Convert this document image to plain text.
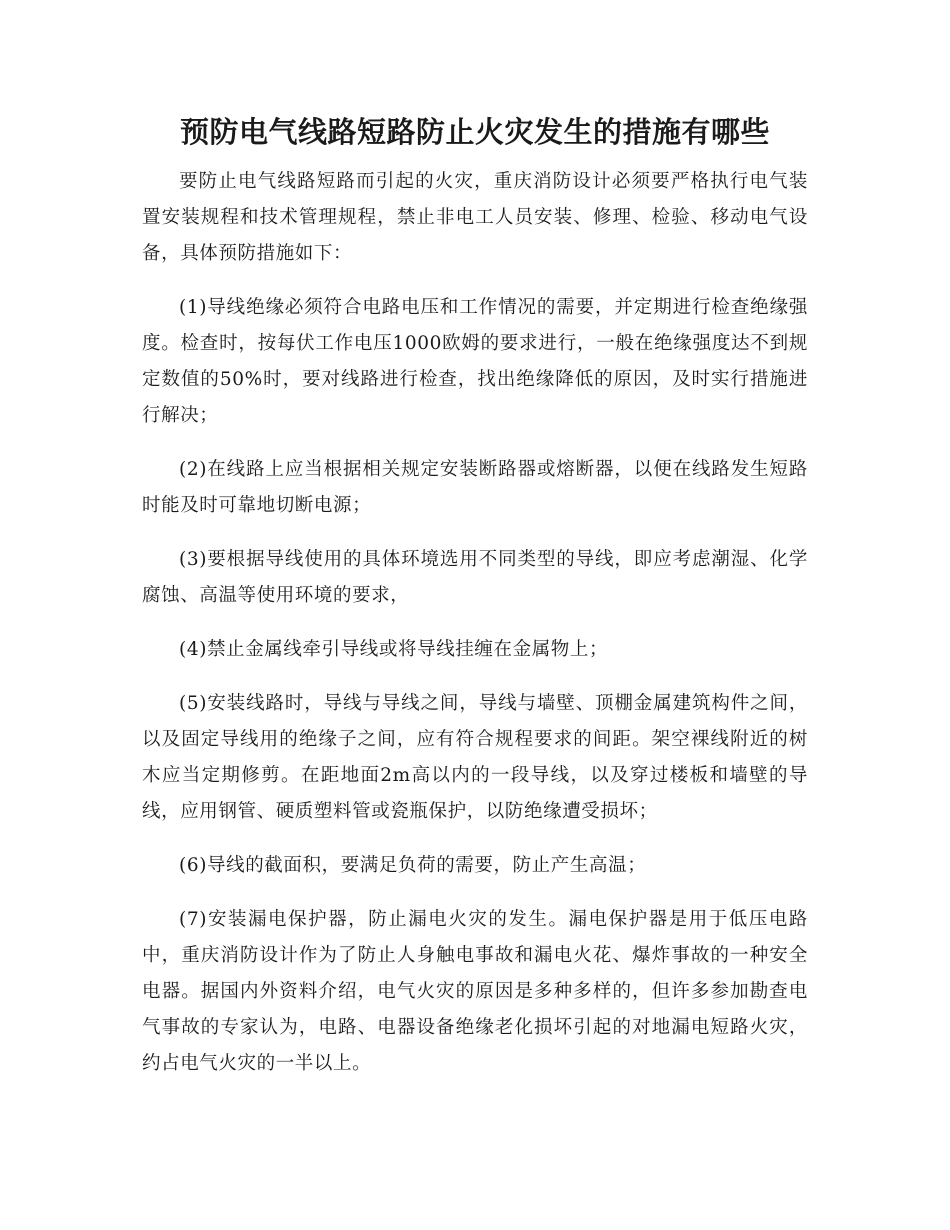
预防电气线路短路防止火灾发生的措施有哪些

要防止电气线路短路而引起的火灾，重庆消防设计必须要严格执行电气装置安装规程和技术管理规程，禁止非电工人员安装、修理、检验、移动电气设备，具体预防措施如下：

(1)导线绝缘必须符合电路电压和工作情况的需要，并定期进行检查绝缘强度。检查时，按每伏工作电压1000欧姆的要求进行，一般在绝缘强度达不到规定数值的50%时，要对线路进行检查，找出绝缘降低的原因，及时实行措施进行解决；

(2)在线路上应当根据相关规定安装断路器或熔断器，以便在线路发生短路时能及时可靠地切断电源；

(3)要根据导线使用的具体环境选用不同类型的导线，即应考虑潮湿、化学腐蚀、高温等使用环境的要求，

(4)禁止金属线牵引导线或将导线挂缠在金属物上；

(5)安装线路时，导线与导线之间，导线与墙壁、顶棚金属建筑构件之间，以及固定导线用的绝缘子之间，应有符合规程要求的间距。架空裸线附近的树木应当定期修剪。在距地面2m高以内的一段导线，以及穿过楼板和墙壁的导线，应用钢管、硬质塑料管或瓷瓶保护，以防绝缘遭受损坏；

(6)导线的截面积，要满足负荷的需要，防止产生高温；

(7)安装漏电保护器，防止漏电火灾的发生。漏电保护器是用于低压电路中，重庆消防设计作为了防止人身触电事故和漏电火花、爆炸事故的一种安全电器。据国内外资料介绍，电气火灾的原因是多种多样的，但许多参加勘查电气事故的专家认为，电路、电器设备绝缘老化损坏引起的对地漏电短路火灾，约占电气火灾的一半以上。
